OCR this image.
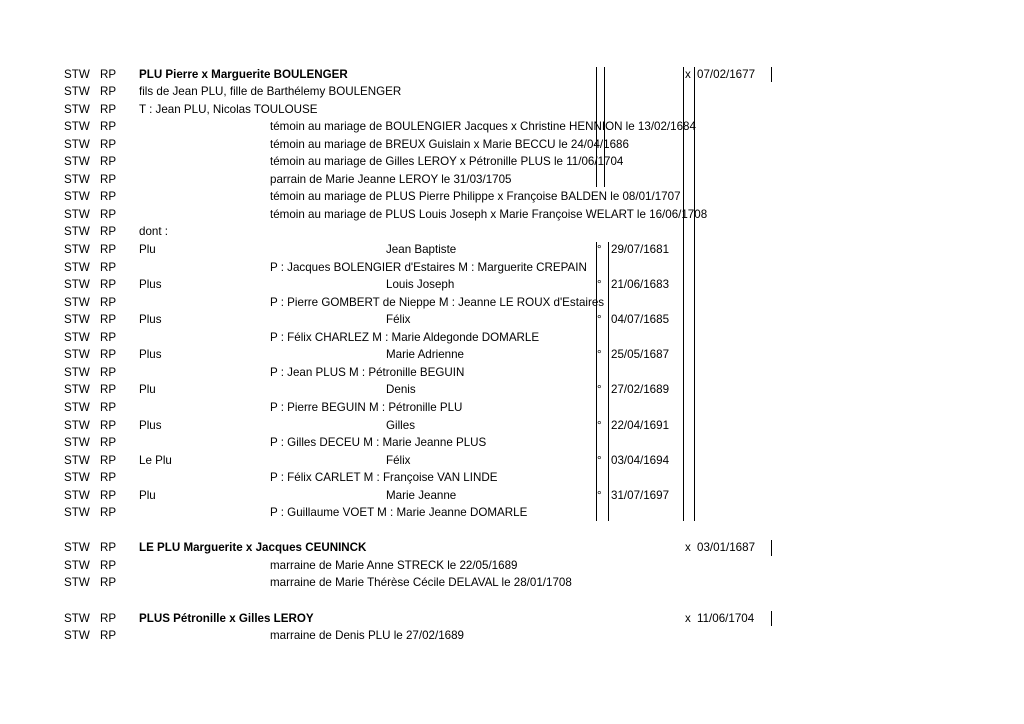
STW RP PLU Pierre x Marguerite BOULENGER	x 07/02/1677
STW RP fils de Jean PLU, fille de Barthélemy BOULENGER
STW RP T : Jean PLU, Nicolas TOULOUSE
STW RP	témoin au mariage de BOULENGIER Jacques x Christine HENNION le 13/02/1684
STW RP	témoin au mariage de BREUX Guislain x Marie BECCU le 24/04/1686
STW RP	témoin au mariage de Gilles LEROY x Pétronille PLUS le 11/06/1704
STW RP	parrain de Marie Jeanne LEROY le 31/03/1705
STW RP	témoin au mariage de PLUS Pierre Philippe x Françoise BALDEN le 08/01/1707
STW RP	témoin au mariage de PLUS Louis Joseph x Marie Françoise WELART le 16/06/1708
STW RP dont :
STW RP Plu	Jean Baptiste	° 29/07/1681
STW RP	P : Jacques BOLENGIER d'Estaires M : Marguerite CREPAIN
STW RP Plus	Louis Joseph	° 21/06/1683
STW RP	P : Pierre GOMBERT de Nieppe M : Jeanne LE ROUX d'Estaires
STW RP Plus	Félix	° 04/07/1685
STW RP	P : Félix CHARLEZ M : Marie Aldegonde DOMARLE
STW RP Plus	Marie Adrienne	° 25/05/1687
STW RP	P : Jean PLUS M : Pétronille BEGUIN
STW RP Plu	Denis	° 27/02/1689
STW RP	P : Pierre BEGUIN M : Pétronille PLU
STW RP Plus	Gilles	° 22/04/1691
STW RP	P : Gilles DECEU M : Marie Jeanne PLUS
STW RP Le Plu	Félix	° 03/04/1694
STW RP	P : Félix CARLET M : Françoise VAN LINDE
STW RP Plu	Marie Jeanne	° 31/07/1697
STW RP	P : Guillaume VOET M : Marie Jeanne DOMARLE
STW RP LE PLU Marguerite x Jacques CEUNINCK	x 03/01/1687
STW RP	marraine de Marie Anne STRECK le 22/05/1689
STW RP	marraine de Marie Thérèse Cécile DELAVAL le 28/01/1708
STW RP PLUS Pétronille x Gilles LEROY	x 11/06/1704
STW RP	marraine de Denis PLU le 27/02/1689
